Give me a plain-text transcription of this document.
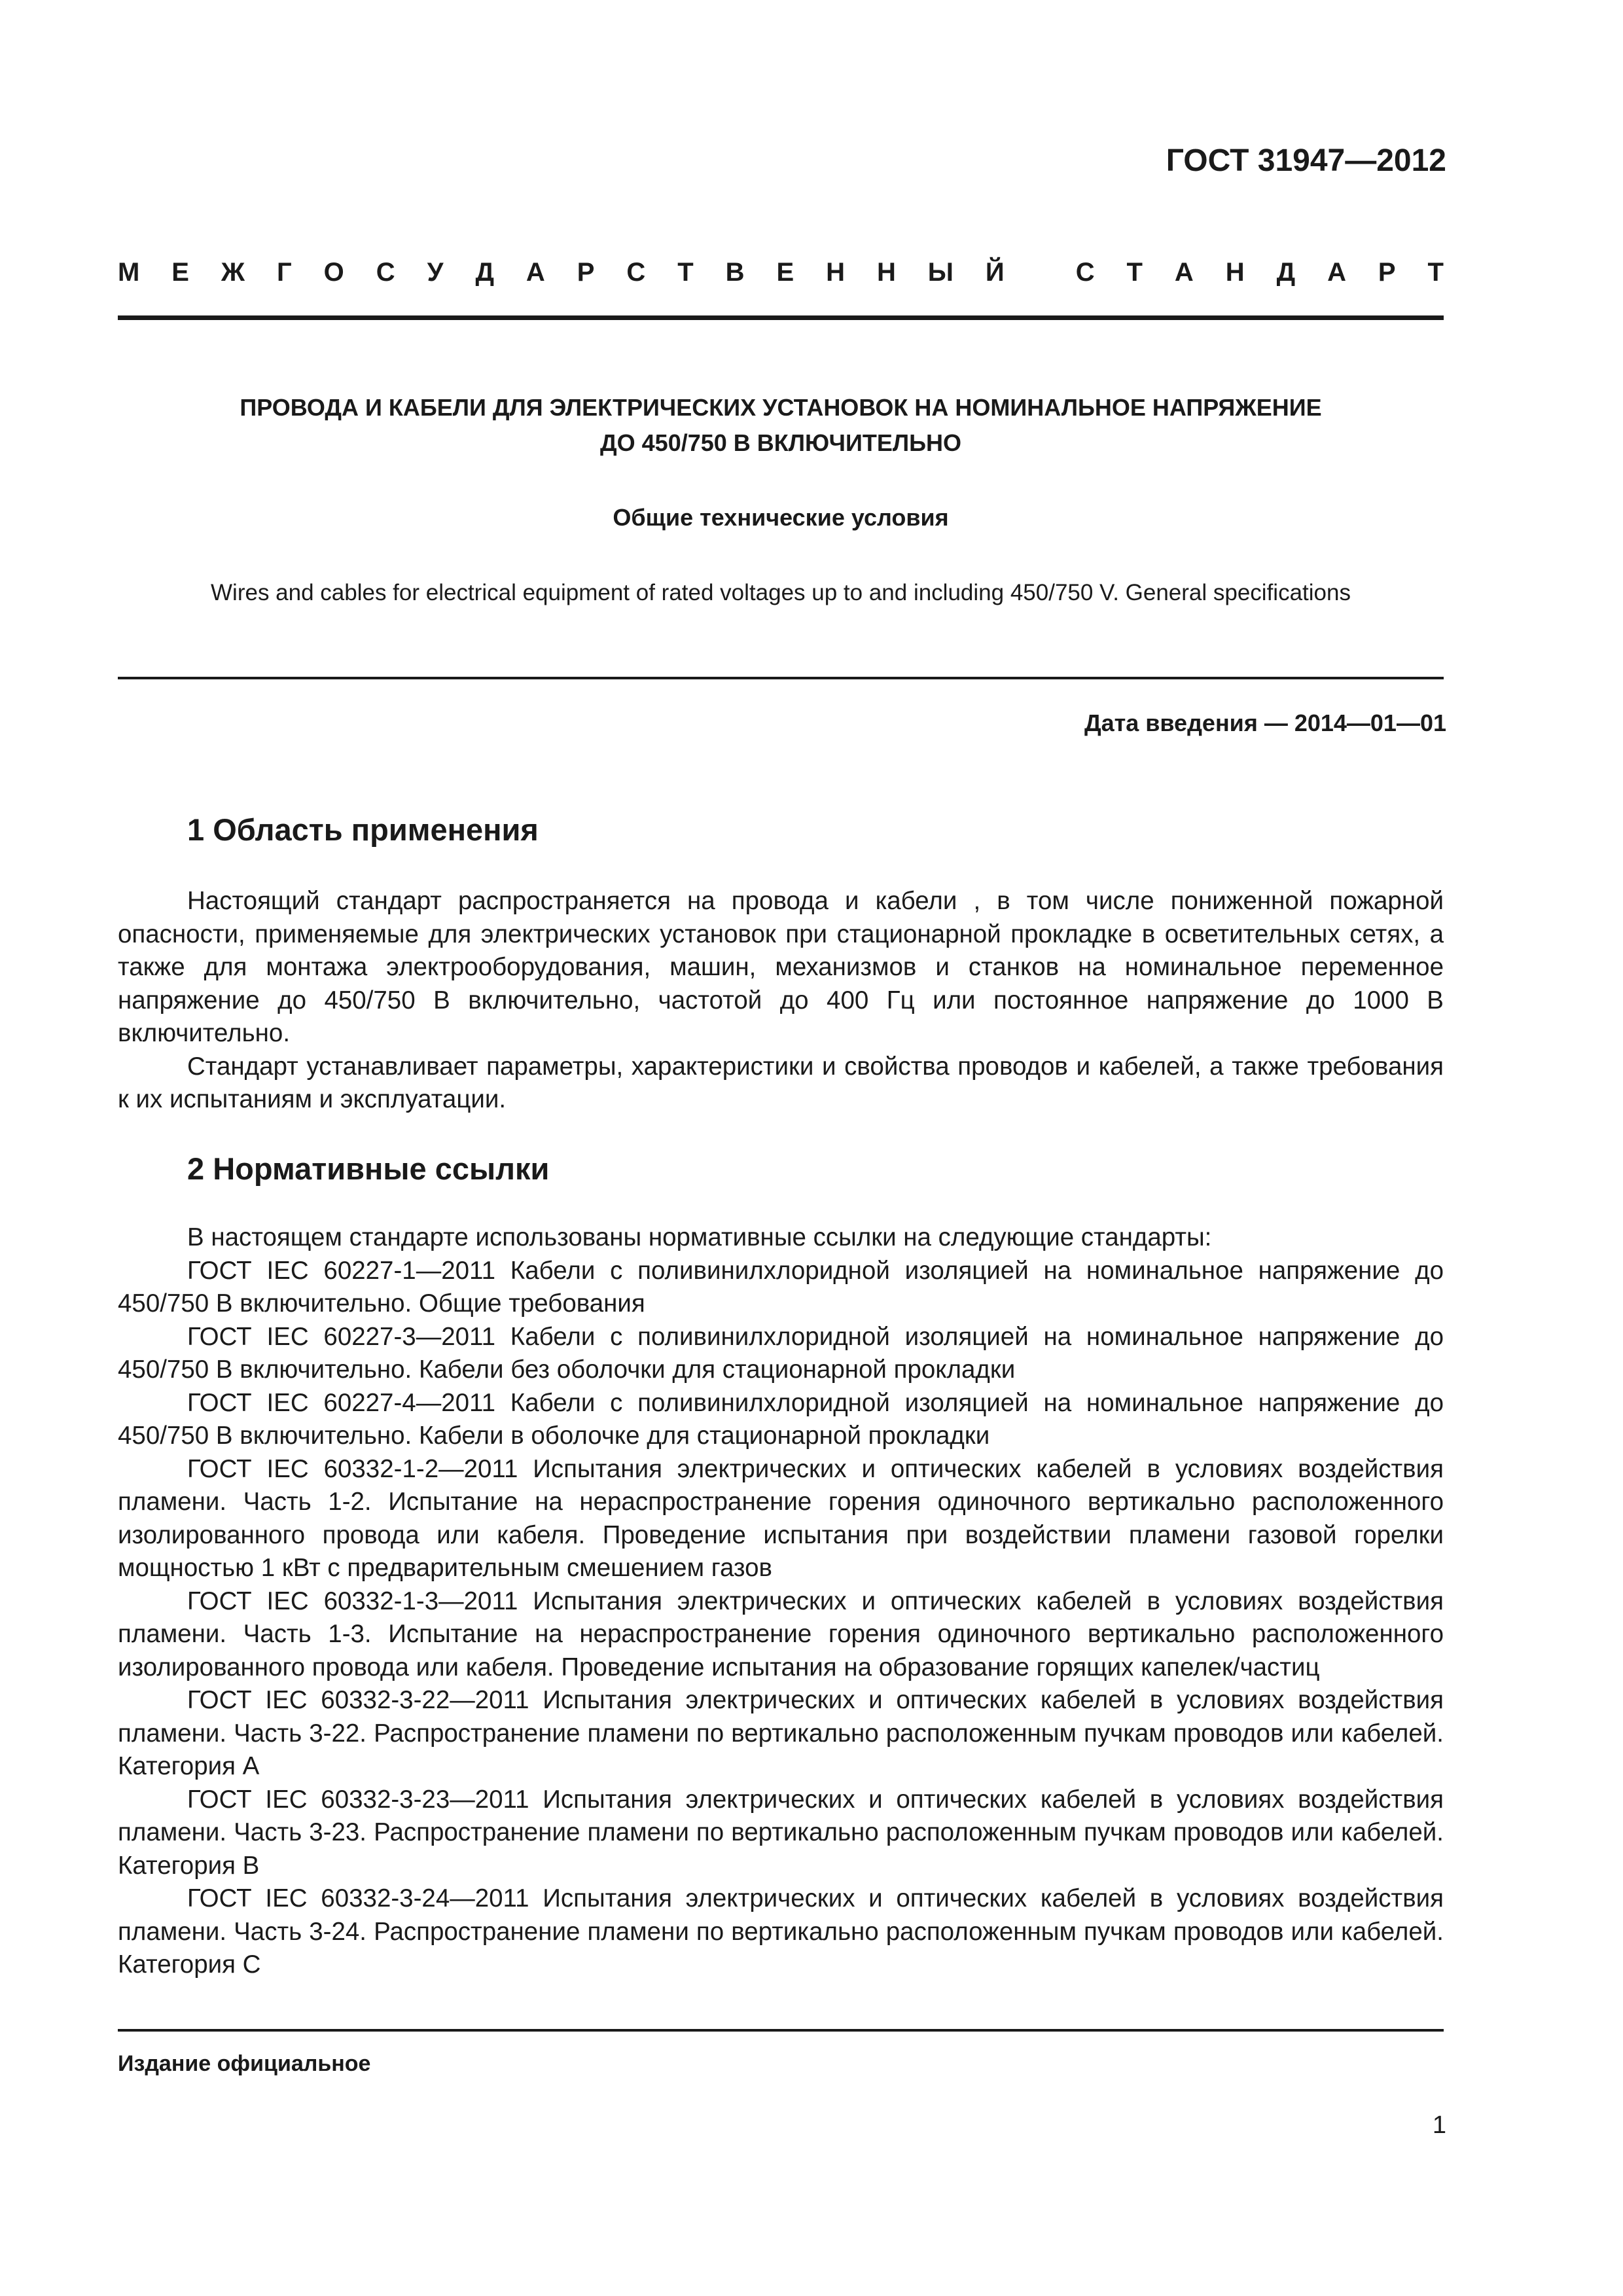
ГОСТ 31947—2012
М Е Ж Г О С У Д А Р С Т В Е Н Н Ы Й
	С Т А Н Д А Р Т
ПРОВОДА И КАБЕЛИ ДЛЯ ЭЛЕКТРИЧЕСКИХ УСТАНОВОК НА НОМИНАЛЬНОЕ НАПРЯЖЕНИЕ
ДО 450/750 В ВКЛЮЧИТЕЛЬНО
Общие технические условия
Wires and cables for electrical equipment of rated voltages up to and including 450/750 V. General specifications
Дата введения — 2014—01—01
1 Область применения

Настоящий стандарт распространяется на провода и кабели , в том числе пониженной пожарной опасности, применяемые для электрических установок при стационарной прокладке в осветительных сетях, а также для монтажа электрооборудования, машин, механизмов и станков на номинальное переменное напряжение до 450/750 В включительно, частотой до 400 Гц или постоянное напряжение до 1000 В включительно.

Стандарт устанавливает параметры, характеристики и свойства проводов и кабелей, а также требования к их испытаниям и эксплуатации.

2 Нормативные ссылки

В настоящем стандарте использованы нормативные ссылки на следующие стандарты:

ГОСТ IEC 60227-1—2011 Кабели с поливинилхлоридной изоляцией на номинальное напряжение до 450/750 В включительно. Общие требования

ГОСТ IEC 60227-3—2011 Кабели с поливинилхлоридной изоляцией на номинальное напряжение до 450/750 В включительно. Кабели без оболочки для стационарной прокладки

ГОСТ IEC 60227-4—2011 Кабели с поливинилхлоридной изоляцией на номинальное напряжение до 450/750 В включительно. Кабели в оболочке для стационарной прокладки

ГОСТ IEC 60332-1-2—2011 Испытания электрических и оптических кабелей в условиях воздействия пламени. Часть 1-2. Испытание на нераспространение горения одиночного вертикально расположенного изолированного провода или кабеля. Проведение испытания при воздействии пламени газовой горелки мощностью 1 кВт с предварительным смешением газов

ГОСТ IEC 60332-1-3—2011 Испытания электрических и оптических кабелей в условиях воздействия пламени. Часть 1-3. Испытание на нераспространение горения одиночного вертикально расположенного изолированного провода или кабеля. Проведение испытания на образование горящих капелек/частиц

ГОСТ IEC 60332-3-22—2011 Испытания электрических и оптических кабелей в условиях воздействия пламени. Часть 3-22. Распространение пламени по вертикально расположенным пучкам проводов или кабелей. Категория А

ГОСТ IEC 60332-3-23—2011 Испытания электрических и оптических кабелей в условиях воздействия пламени. Часть 3-23. Распространение пламени по вертикально расположенным пучкам проводов или кабелей. Категория В

ГОСТ IEC 60332-3-24—2011 Испытания электрических и оптических кабелей в условиях воздействия пламени. Часть 3-24. Распространение пламени по вертикально расположенным пучкам проводов или кабелей. Категория С

Издание официальное
1
